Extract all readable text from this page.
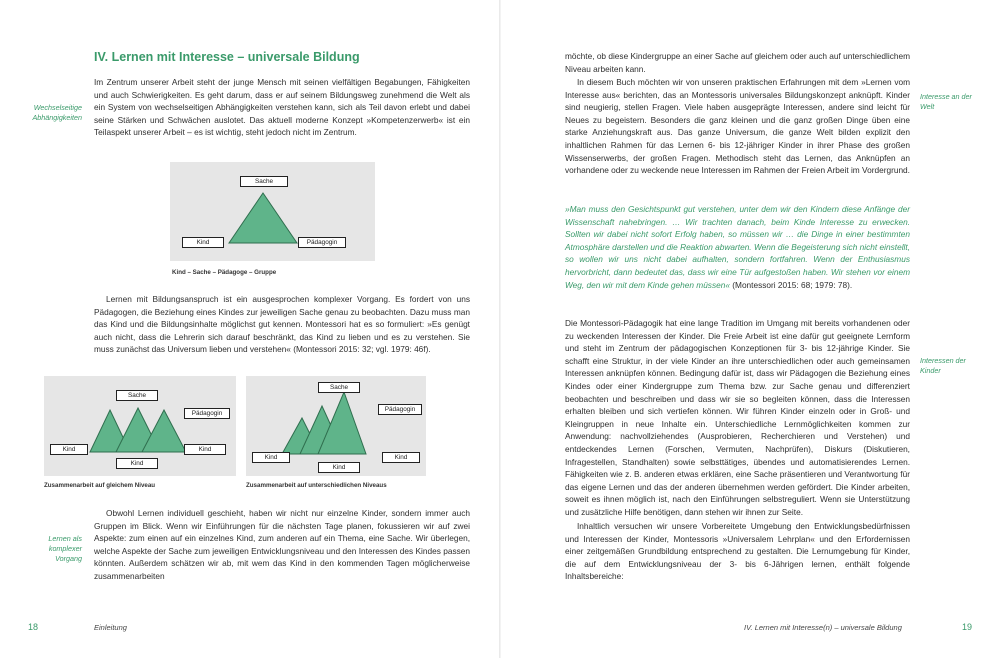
IV. Lernen mit Interesse – universale Bildung
Wechselseitige Abhängigkeiten

Im Zentrum unserer Arbeit steht der junge Mensch mit seinen vielfältigen Begabungen, Fähigkeiten und auch Schwierigkeiten. Es geht darum, dass er auf seinem Bildungsweg zunehmend die Welt als ein System von wechselseitigen Abhängigkeiten verstehen kann, sich als Teil davon erlebt und dabei seine Stärken und Schwächen auslotet. Das aktuell moderne Konzept »Kompetenzerwerb« ist ein Teilaspekt unserer Arbeit – es ist wichtig, steht jedoch nicht im Zentrum.

Sache
Kind	Pädagogin
Kind – Sache – Pädagoge – Gruppe

Lernen mit Bildungsanspruch ist ein ausgesprochen komplexer Vorgang. Es fordert von uns Pädagogen, die Beziehung eines Kindes zur jeweiligen Sache genau zu beobachten. Dazu muss man das Kind und die Bildungsinhalte möglichst gut kennen. Montessori hat es so formuliert: »Es genügt auch nicht, dass die Lehrerin sich darauf beschränkt, das Kind zu lieben und es zu verstehen. Sie muss zunächst das Universum lieben und verstehen« (Montessori 2015: 32; vgl. 1979: 46f).

Sache
Pädagogin
Kind	Kind
Kind
Zusammenarbeit auf gleichem Niveau
Sache
Pädagogin
Kind	Kind
Kind
Zusammenarbeit auf unterschiedlichen Niveaus
Lernen als komplexer Vorgang

Obwohl Lernen individuell geschieht, haben wir nicht nur einzelne Kinder, sondern immer auch Gruppen im Blick. Wenn wir Einführungen für die nächsten Tage planen, fokussieren wir auf zwei Aspekte: zum einen auf ein einzelnes Kind, zum anderen auf ein Thema, eine Sache. Wir überlegen, welche Aspekte der Sache zum jeweiligen Entwicklungsniveau und den Interessen des Kindes passen könnten. Außerdem schätzen wir ab, mit wem das Kind in den kommenden Tagen möglicherweise zusammenarbeiten

18	Einleitung

möchte, ob diese Kindergruppe an einer Sache auf gleichem oder auch auf unterschiedlichem Niveau arbeiten kann.

In diesem Buch möchten wir von unseren praktischen Erfahrungen mit dem »Lernen vom Interesse aus« berichten, das an Montessoris universales Bildungskonzept anknüpft. Kinder sind neugierig, stellen Fragen. Viele haben ausgeprägte Interessen, andere sind leicht für Neues zu begeistern. Besonders die ganz kleinen und die ganz großen Dinge üben eine starke Anziehungskraft aus. Das ganze Universum, die ganze Welt bilden explizit den inhaltlichen Rahmen für das Lernen 6- bis 12-jähriger Kinder in ihrer Phase des großen Wissenserwerbs, der großen Fragen. Methodisch steht das Lernen, das Anknüpfen an vorhandene oder zu weckende neue Interessen im Rahmen der Freien Arbeit im Vordergrund.

Interesse an der Welt

»Man muss den Gesichtspunkt gut verstehen, unter dem wir den Kindern diese Anfänge der Wissenschaft nahebringen. … Wir trachten danach, beim Kinde Interesse zu erwecken. Sollten wir dabei nicht sofort Erfolg haben, so müssen wir … die Dinge in einer bestimmten Atmosphäre darstellen und die Reaktion abwarten. Wenn die Begeisterung sich nicht einstellt, so wollen wir uns nicht dabei aufhalten, sondern fortfahren. Wenn der Enthusiasmus hervorbricht, dann bedeutet das, dass wir eine Tür aufgestoßen haben. Wir stehen vor einem Weg, den wir mit dem Kinde gehen müssen« (Montessori 2015: 68; 1979: 78).

Die Montessori-Pädagogik hat eine lange Tradition im Umgang mit bereits vorhandenen oder zu weckenden Interessen der Kinder. Die Freie Arbeit ist eine dafür gut geeignete Lernform und steht im Zentrum der pädagogischen Konzeptionen für 3- bis 12-jährige Kinder. Sie schafft eine Struktur, in der viele Kinder an ihre unterschiedlichen oder auch gemeinsamen Interessen anknüpfen können. Bedingung dafür ist, dass wir Pädagogen die Beziehung eines Kindes oder einer Kindergruppe zum Thema bzw. zur Sache genau und differenziert beobachten und beschreiben und dass wir sie so begleiten können, dass die Interessen erhalten bleiben und sich vertiefen können. Wir führen Kinder einzeln oder in Groß- und Kleingruppen in neue Inhalte ein. Unterschiedliche Lernmöglichkeiten kommen zur Anwendung: nachvollziehendes (Ausprobieren, Recherchieren und Verstehen) und entdeckendes Lernen (Forschen, Vermuten, Nachprüfen), Diskurs (Diskutieren, Infragestellen, Standhalten) sowie selbsttätiges, übendes und automatisierendes Lernen. Fähigkeiten wie z. B. anderen etwas erklären, eine Sache präsentieren und Verantwortung für das eigene Lernen und das der anderen übernehmen werden gefördert. Die Kinder arbeiten, soweit es ihnen möglich ist, nach den Einführungen selbstreguliert. Wenn sie Unterstützung und zusätzliche Hilfe benötigen, dann stehen wir ihnen zur Seite.

Interessen der Kinder

Inhaltlich versuchen wir unsere Vorbereitete Umgebung den Entwicklungsbedürfnissen und Interessen der Kinder, Montessoris »Universalem Lehrplan« und den Erfordernissen einer zeitgemäßen Grundbildung entsprechend zu gestalten. Die Lernumgebung für Kinder, die auf dem Entwicklungsniveau der 3- bis 6-Jährigen lernen, enthält folgende Inhaltsbereiche:

IV. Lernen mit Interesse(n) – universale Bildung	19
